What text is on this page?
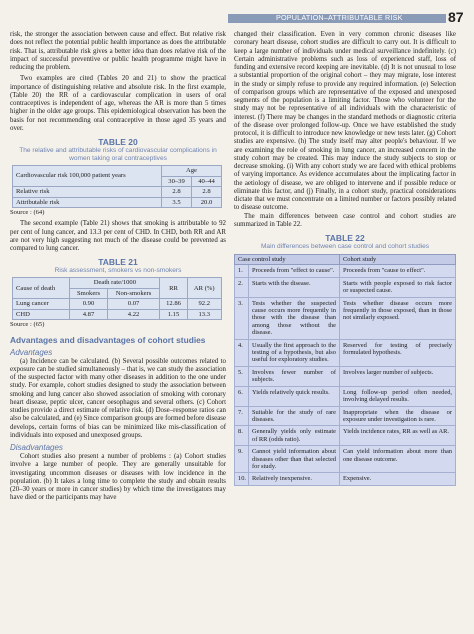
POPULATION–ATTRIBUTABLE RISK	87

risk, the stronger the association between cause and effect. But relative risk does not reflect the potential public health importance as does the attributable risk. That is, attributable risk gives a better idea than does relative risk of the impact of successful preventive or public health programme might have in reducing the problem.

Two examples are cited (Tables 20 and 21) to show the practical importance of distinguishing relative and absolute risk. In the first example, (Table 20) the RR of a cardiovascular complication in users of oral contraceptives is independent of age, whereas the AR is more than 5 times higher in the older age groups. This epidemiological observation has been the basis for not recommending oral contraceptive in those aged 35 years and over.

TABLE 20
The relative and attributable risks of cardiovascular complications in women taking oral contraceptives
Cardiovascular risk 100,000 patient years	Age	
	30–39	40–44
Relative risk	2.8	2.8
Attributable risk	3.5	20.0
Source : (64)

The second example (Table 21) shows that smoking is attributable to 92 per cent of lung cancer, and 13.3 per cent of CHD. In CHD, both RR and AR are not very high suggesting not much of the disease could be prevented as compared to lung cancer.

TABLE 21
Risk assessment, smokers vs non-smokers
Cause of death	Death rate/1000		RR	AR (%)
	Smokers	Non-smokers		
Lung cancer	0.90	0.07	12.86	92.2
CHD	4.87	4.22	1.15	13.3
Source : (65)
Advantages and disadvantages of cohort studies
Advantages

(a) Incidence can be calculated. (b) Several possible outcomes related to exposure can be studied simultaneously – that is, we can study the association of the suspected factor with many other diseases in addition to the one under study. For example, cohort studies designed to study the association between smoking and lung cancer also showed association of smoking with coronary heart disease, peptic ulcer, cancer oesophagus and several others. (c) Cohort studies provide a direct estimate of relative risk. (d) Dose–response ratios can also be calculated, and (e) Since comparison groups are formed before disease develops, certain forms of bias can be minimized like mis-classification of individuals into exposed and unexposed groups.

Disadvantages

Cohort studies also present a number of problems : (a) Cohort studies involve a large number of people. They are generally unsuitable for investigating uncommon diseases or diseases with low incidence in the population. (b) It takes a long time to complete the study and obtain results (20–30 years or more in cancer studies) by which time the investigators may have died or the participants may have

changed their classification. Even in very common chronic diseases like coronary heart disease, cohort studies are difficult to carry out. It is difficult to keep a large number of individuals under medical surveillance indefinitely. (c) Certain administrative problems such as loss of experienced staff, loss of funding and extensive record keeping are inevitable. (d) It is not unusual to lose a substantial proportion of the original cohort – they may migrate, lose interest in the study or simply refuse to provide any required information. (e) Selection of comparison groups which are representative of the exposed and unexposed segments of the population is a limiting factor. Those who volunteer for the study may not be representative of all individuals with the characteristic of interest. (f) There may be changes in the standard methods or diagnostic criteria of the disease over prolonged follow-up. Once we have established the study protocol, it is difficult to introduce new knowledge or new tests later. (g) Cohort studies are expensive. (h) The study itself may alter people's behaviour. If we are examining the role of smoking in lung cancer, an increased concern in the study cohort may be created. This may induce the study subjects to stop or decrease smoking. (i) With any cohort study we are faced with ethical problems of varying importance. As evidence accumulates about the implicating factor in the aetiology of disease, we are obliged to intervene and if possible reduce or eliminate this factor, and (j) Finally, in a cohort study, practical considerations dictate that we must concentrate on a limited number or factors possibly related to disease outcome.

The main differences between case control and cohort studies are summarized in Table 22.

TABLE 22
Main differences between case control and cohort studies
Case control study		Cohort study
1.	Proceeds from "effect to cause".	Proceeds from "cause to effect".
2.	Starts with the disease.	Starts with people exposed to risk factor or suspected cause.
3.	Tests whether the suspected cause occurs more frequently in those with the disease than among those without the disease.	Tests whether disease occurs more frequently in those exposed, than in those not similarly exposed.
4.	Usually the first approach to the testing of a hypothesis, but also useful for exploratory studies.	Reserved for testing of precisely formulated hypothesis.
5.	Involves fewer number of subjects.	Involves larger number of subjects.
6.	Yields relatively quick results.	Long follow-up period often needed, involving delayed results.
7.	Suitable for the study of rare diseases.	Inappropriate when the disease or exposure under investigation is rare.
8.	Generally yields only estimate of RR (odds ratio).	Yields incidence rates, RR as well as AR.
9.	Cannot yield information about diseases other than that selected for study.	Can yield information about more than one disease outcome.
10.	Relatively inexpensive.	Expensive.
